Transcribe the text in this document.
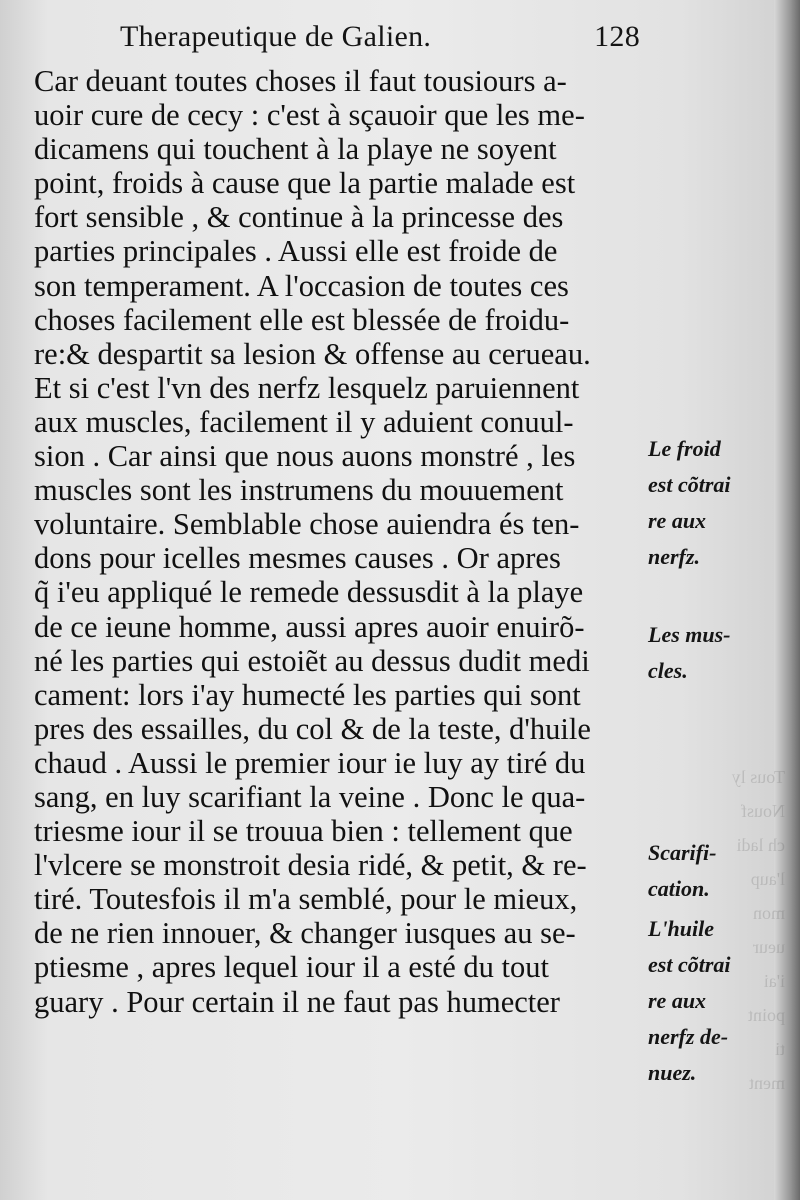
Tous ly
Nousf
ch ladi
l'aup
mon
ueur
i'ai
point
ti
ment
Therapeutique de Galien.	128
Car deuant toutes choses il faut tousiours a-
uoir cure de cecy : c'est à sçauoir que les me-
dicamens qui touchent à la playe ne soyent
point, froids à cause que la partie malade est
fort sensible , & continue à la princesse des
parties principales . Aussi elle est froide de
son temperament. A l'occasion de toutes ces
choses facilement elle est blessée de froidu-
re:& despartit sa lesion & offense au cerueau.
Et si c'est l'vn des nerfz lesquelz paruiennent
aux muscles, facilement il y aduient conuul-
sion . Car ainsi que nous auons monstré , les
muscles sont les instrumens du mouuement
voluntaire. Semblable chose auiendra és ten-
dons pour icelles mesmes causes . Or apres
q̃ i'eu appliqué le remede dessusdit à la playe
de ce ieune homme, aussi apres auoir enuirõ-
né les parties qui estoiẽt au dessus dudit medi
cament: lors i'ay humecté les parties qui sont
pres des essailles, du col & de la teste, d'huile
chaud . Aussi le premier iour ie luy ay tiré du
sang, en luy scarifiant la veine . Donc le qua-
triesme iour il se trouua bien : tellement que
l'vlcere se monstroit desia ridé, & petit, & re-
tiré. Toutesfois il m'a semblé, pour le mieux,
de ne rien innouer, & changer iusques au se-
ptiesme , apres lequel iour il a esté du tout
guary . Pour certain il ne faut pas humecter
Le froid
est cõtrai
re aux
nerfz.
Les mus-
cles.
Scarifi-
cation.
L'huile
est cõtrai
re aux
nerfz de-
nuez.
